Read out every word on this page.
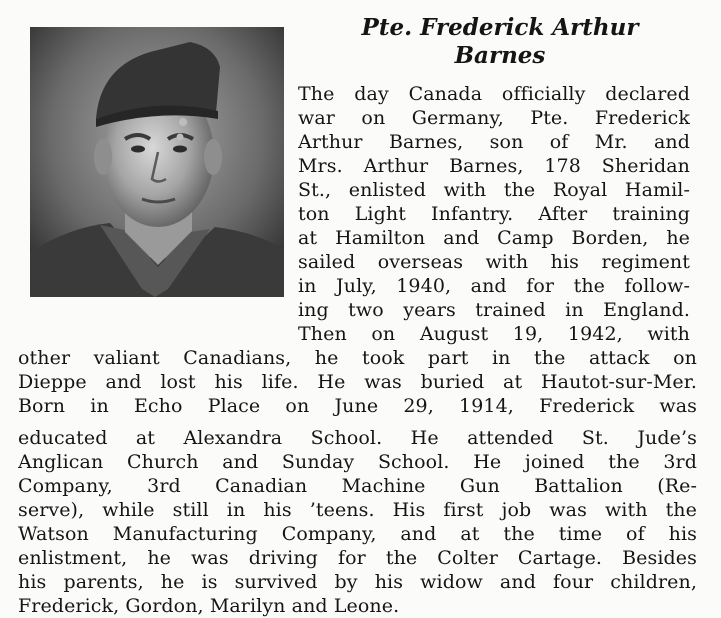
Pte. Frederick Arthur
Barnes
The day Canada officially declared
war on Germany, Pte. Frederick
Arthur Barnes, son of Mr. and
Mrs. Arthur Barnes, 178 Sheridan
St., enlisted with the Royal Hamil-
ton Light Infantry. After training
at Hamilton and Camp Borden, he
sailed overseas with his regiment
in July, 1940, and for the follow-
ing two years trained in England.
Then on August 19, 1942, with
other valiant Canadians, he took part in the attack on
Dieppe and lost his life. He was buried at Hautot-sur-Mer.
Born in Echo Place on June 29, 1914, Frederick was
educated at Alexandra School. He attended St. Jude’s
Anglican Church and Sunday School. He joined the 3rd
Company, 3rd Canadian Machine Gun Battalion (Re-
serve), while still in his ’teens. His first job was with the
Watson Manufacturing Company, and at the time of his
enlistment, he was driving for the Colter Cartage. Besides
his parents, he is survived by his widow and four children,
Frederick, Gordon, Marilyn and Leone.
